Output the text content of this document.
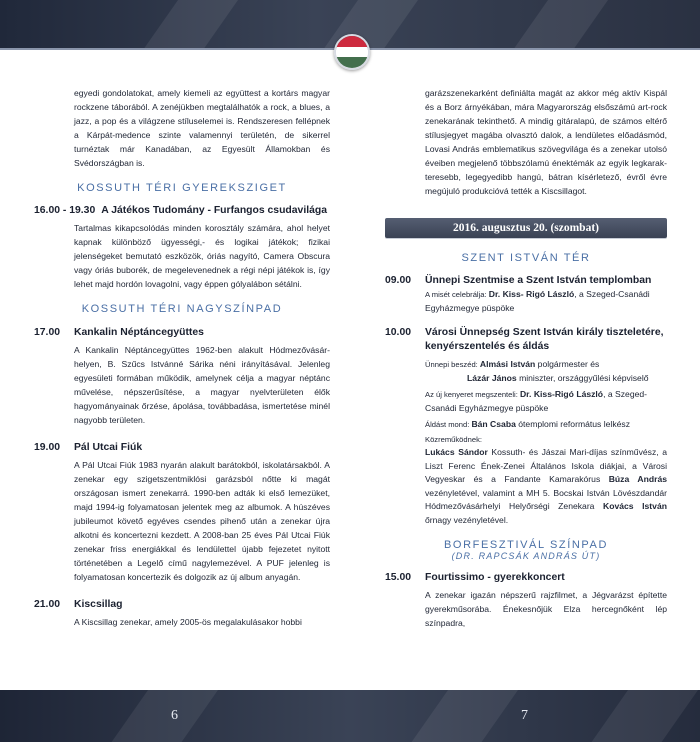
egyedi gondolatokat, amely kiemeli az együttest a kortárs magyar rockzene táborából. A zenéjükben megtalálhatók a rock, a blues, a jazz, a pop és a világzene stíluselemei is. Rendszeresen fellépnek a Kárpát-medence szinte valamennyi területén, de sikerrel turnéztak már Kanadában, az Egyesült Államokban és Svédországban is.

KOSSUTH TÉRI GYEREKSZIGET

16.00 - 19.30 A Játékos Tudomány - Furfangos csudavilága

Tartalmas kikapcsolódás minden korosztály számára, ahol helyet kapnak különböző ügyességi,- és logikai játékok; fizikai jelenségeket bemutató eszközök, óriás nagyító, Camera Obscura vagy óriás buborék, de megelevenednek a régi népi játékok is, így lehet majd hordón lovagolni, vagy éppen gólyalábon sétálni.

KOSSUTH TÉRI NAGYSZÍNPAD

17.00 Kankalin Néptáncegyüttes

A Kankalin Néptáncegyüttes 1962-ben alakult Hódmezővásár-helyen, B. Szűcs Istvánné Sárika néni irányításával. Jelenleg egyesületi formában működik, amelynek célja a magyar néptánc művelése, népszerűsítése, a magyar nyelvterületen élők hagyományainak őrzése, ápolása, továbbadása, ismertetése minél nagyobb területen.

19.00 Pál Utcai Fiúk

A Pál Utcai Fiúk 1983 nyarán alakult barátokból, iskolatársakból. A zenekar egy szigetszentmiklósi garázsból nőtte ki magát országosan ismert zenekarrá. 1990-ben adták ki első lemezüket, majd 1994-ig folyamatosan jelentek meg az albumok. A húszéves jubileumot követő egyéves csendes pihenő után a zenekar újra alkotni és koncertezni kezdett. A 2008-ban 25 éves Pál Utcai Fiúk zenekar friss energiákkal és lendülettel újabb fejezetet nyitott történetében a Legelő című nagylemezével. A PUF jelenleg is folyamatosan koncertezik és dolgozik az új album anyagán.

21.00 Kiscsillag

A Kiscsillag zenekar, amely 2005-ös megalakulásakor hobbi

garázszenekarként definiálta magát az akkor még aktív Kispál és a Borz árnyékában, mára Magyarország elsőszámú art-rock zenekarának tekinthető. A mindig gitáralapú, de számos eltérő stílusjegyet magába olvasztó dalok, a lendületes előadásmód, Lovasi András emblematikus szövegvilága és a zenekar utolsó éveiben megjelenő többszólamú énektémák az egyik legkarak-teresebb, legegyedibb hangú, bátran kísérletező, évről évre megújuló produkcióvá tették a Kiscsillagot.

2016. augusztus 20. (szombat)

SZENT ISTVÁN TÉR

09.00 Ünnepi Szentmise a Szent István templomban

A misét celebrálja: Dr. Kiss- Rigó László, a Szeged-Csanádi Egyházmegye püspöke

10.00 Városi Ünnepség Szent István király tiszteletére, kenyérszentelés és áldás

Ünnepi beszéd: Almási István polgármester és

Lázár János miniszter, országgyűlési képviselő

Az új kenyeret megszenteli: Dr. Kiss-Rigó László, a Szeged-Csanádi Egyházmegye püspöke

Áldást mond: Bán Csaba ótemplomi református lelkész

Közreműködnek:

Lukács Sándor Kossuth- és Jászai Mari-díjas színművész, a Liszt Ferenc Ének-Zenei Általános Iskola diákjai, a Városi Vegyeskar és a Fandante Kamarakórus Búza András vezényletével, valamint a MH 5. Bocskai István Lövészdandár Hódmezővásárhelyi Helyőrségi Zenekara Kovács István őrnagy vezényletével.

BORFESZTIVÁL SZÍNPAD

(DR. RAPCSÁK ANDRÁS ÚT)

15.00 Fourtissimo - gyerekkoncert

A zenekar igazán népszerű rajzfilmet, a Jégvarázst építette gyerekműsorába. Énekesnőjük Elza hercegnőként lép színpadra,

6	7
